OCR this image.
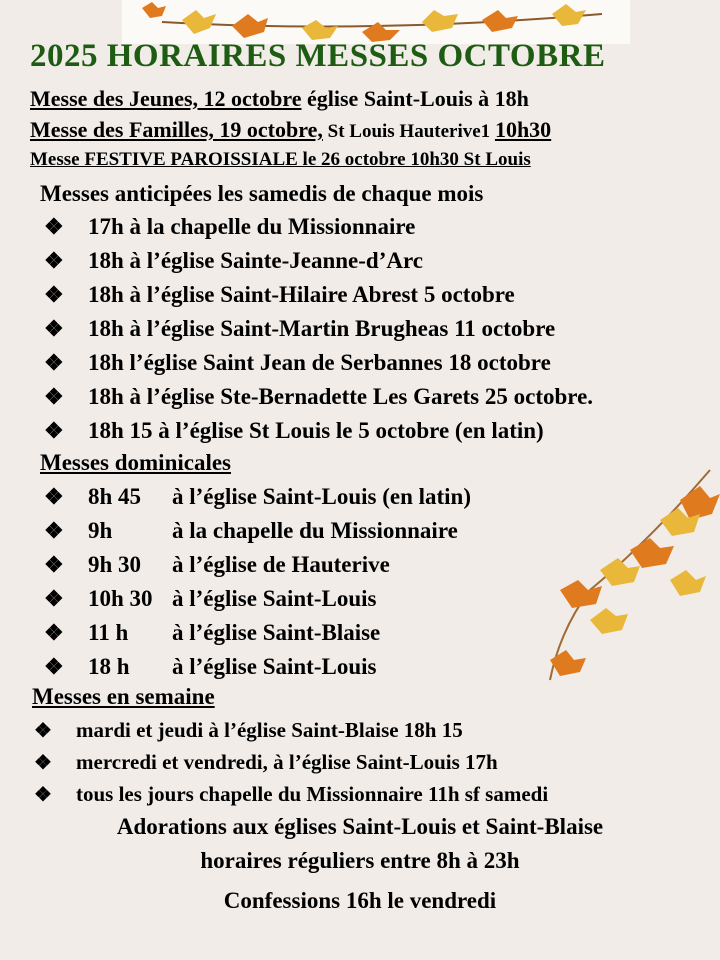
2025 HORAIRES MESSES OCTOBRE
Messe des Jeunes, 12 octobre église Saint-Louis à 18h
Messe des Familles, 19 octobre, St Louis Hauterive1 10h30
Messe FESTIVE PAROISSIALE le 26 octobre 10h30 St Louis
Messes anticipées les samedis de chaque mois
❖ 17h à la chapelle du Missionnaire
❖ 18h à l’église Sainte-Jeanne-d’Arc
❖ 18h à l’église Saint-Hilaire Abrest 5 octobre
❖ 18h à l’église Saint-Martin Brugheas 11 octobre
❖ 18h l’église Saint Jean de Serbannes 18 octobre
❖ 18h à l’église Ste-Bernadette Les Garets 25 octobre.
❖ 18h 15 à l’église St Louis le 5 octobre (en latin)
Messes dominicales
❖8h 45 à l’église Saint-Louis (en latin)
❖9h	à la chapelle du Missionnaire
❖9h 30 à l’église de Hauterive
❖ 10h 30 à l’église Saint-Louis
❖ 11 h à l’église Saint-Blaise
❖ 18 h à l’église Saint-Louis
Messes en semaine
❖ mardi et jeudi à l’église Saint-Blaise 18h 15
❖ mercredi et vendredi, à l’église Saint-Louis 17h
❖ tous les jours chapelle du Missionnaire 11h sf samedi
Adorations aux églises Saint-Louis et Saint-Blaise
horaires réguliers entre 8h à 23h
Confessions 16h le vendredi
